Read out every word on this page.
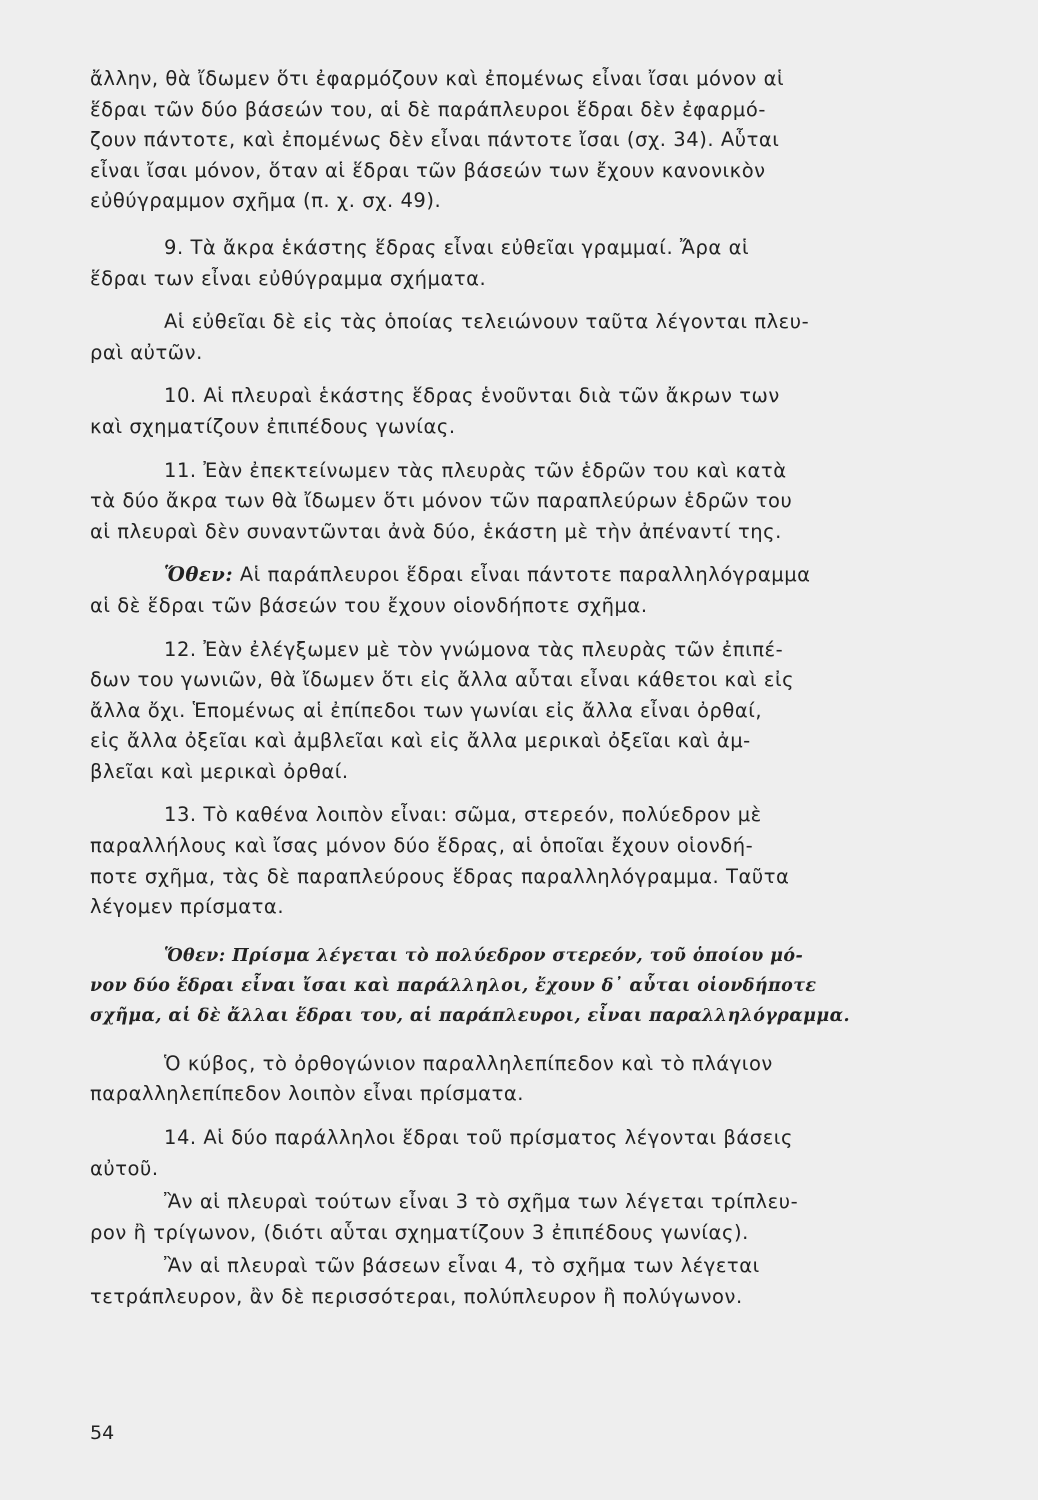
ἄλλην, θὰ ἴδωμεν ὅτι ἐφαρμόζουν καὶ ἐπομένως εἶναι ἴσαι μόνον αἱ

ἕδραι τῶν δύο βάσεών του, αἱ δὲ παράπλευροι ἕδραι δὲν ἐφαρμό-

ζουν πάντοτε, καὶ ἐπομένως δὲν εἶναι πάντοτε ἴσαι (σχ. 34). Αὗται

εἶναι ἴσαι μόνον, ὅταν αἱ ἕδραι τῶν βάσεών των ἔχουν κανονικὸν

εὐθύγραμμον σχῆμα (π. χ. σχ. 49).

9. Τὰ ἄκρα ἑκάστης ἕδρας εἶναι εὐθεῖαι γραμμαί. Ἄρα αἱ

ἕδραι των εἶναι εὐθύγραμμα σχήματα.

Αἱ εὐθεῖαι δὲ εἰς τὰς ὁποίας τελειώνουν ταῦτα λέγονται πλευ-

ραὶ αὐτῶν.

10. Αἱ πλευραὶ ἑκάστης ἕδρας ἑνοῦνται διὰ τῶν ἄκρων των

καὶ σχηματίζουν ἐπιπέδους γωνίας.

11. Ἐὰν ἐπεκτείνωμεν τὰς πλευρὰς τῶν ἑδρῶν του καὶ κατὰ

τὰ δύο ἄκρα των θὰ ἴδωμεν ὅτι μόνον τῶν παραπλεύρων ἑδρῶν του

αἱ πλευραὶ δὲν συναντῶνται ἀνὰ δύο, ἑκάστη μὲ τὴν ἀπέναντί της.

Ὅθεν: Αἱ παράπλευροι ἕδραι εἶναι πάντοτε παραλληλόγραμμα

αἱ δὲ ἕδραι τῶν βάσεών του ἔχουν οἱονδήποτε σχῆμα.

12. Ἐὰν ἐλέγξωμεν μὲ τὸν γνώμονα τὰς πλευρὰς τῶν ἐπιπέ-

δων του γωνιῶν, θὰ ἴδωμεν ὅτι εἰς ἄλλα αὗται εἶναι κάθετοι καὶ εἰς

ἄλλα ὄχι. Ἑπομένως αἱ ἐπίπεδοι των γωνίαι εἰς ἄλλα εἶναι ὀρθαί,

εἰς ἄλλα ὀξεῖαι καὶ ἀμβλεῖαι καὶ εἰς ἄλλα μερικαὶ ὀξεῖαι καὶ ἀμ-

βλεῖαι καὶ μερικαὶ ὀρθαί.

13. Τὸ καθένα λοιπὸν εἶναι: σῶμα, στερεόν, πολύεδρον μὲ

παραλλήλους καὶ ἴσας μόνον δύο ἕδρας, αἱ ὁποῖαι ἔχουν οἱονδή-

ποτε σχῆμα, τὰς δὲ παραπλεύρους ἕδρας παραλληλόγραμμα. Ταῦτα

λέγομεν πρίσματα.

Ὅθεν: Πρίσμα λέγεται τὸ πολύεδρον στερεόν, τοῦ ὁποίου μό-

νον δύο ἕδραι εἶναι ἴσαι καὶ παράλληλοι, ἔχουν δ᾽ αὗται οἱονδήποτε

σχῆμα, αἱ δὲ ἄλλαι ἕδραι του, αἱ παράπλευροι, εἶναι παραλληλόγραμμα.

Ὁ κύβος, τὸ ὀρθογώνιον παραλληλεπίπεδον καὶ τὸ πλάγιον

παραλληλεπίπεδον λοιπὸν εἶναι πρίσματα.

14. Αἱ δύο παράλληλοι ἕδραι τοῦ πρίσματος λέγονται βάσεις

αὐτοῦ.

Ἂν αἱ πλευραὶ τούτων εἶναι 3 τὸ σχῆμα των λέγεται τρίπλευ-

ρον ἢ τρίγωνον, (διότι αὗται σχηματίζουν 3 ἐπιπέδους γωνίας).

Ἂν αἱ πλευραὶ τῶν βάσεων εἶναι 4, τὸ σχῆμα των λέγεται

τετράπλευρον, ἂν δὲ περισσότεραι, πολύπλευρον ἢ πολύγωνον.

54
